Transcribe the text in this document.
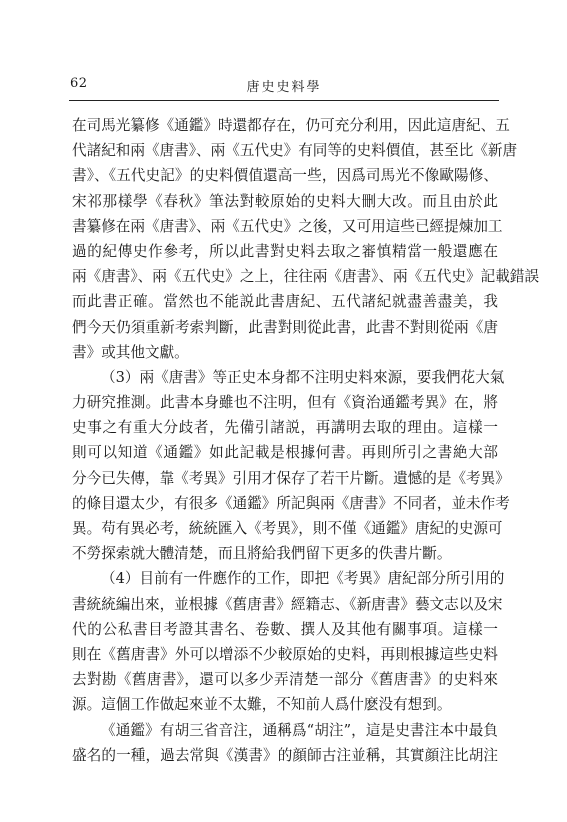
62	唐史史料學
在司馬光纂修《通鑑》時還都存在，仍可充分利用，因此這唐紀、五
代諸紀和兩《唐書》、兩《五代史》有同等的史料價值，甚至比《新唐
書》、《五代史記》的史料價值還高一些，因爲司馬光不像歐陽修、
宋祁那樣學《春秋》筆法對較原始的史料大刪大改。而且由於此
書纂修在兩《唐書》、兩《五代史》之後，又可用這些已經提煉加工
過的紀傳史作參考，所以此書對史料去取之審慎精當一般還應在
兩《唐書》、兩《五代史》之上，往往兩《唐書》、兩《五代史》記載錯誤
而此書正確。當然也不能説此書唐紀、五代諸紀就盡善盡美，我
們今天仍須重新考索判斷，此書對則從此書，此書不對則從兩《唐
書》或其他文獻。
（3）兩《唐書》等正史本身都不注明史料來源，要我們花大氣
力研究推測。此書本身雖也不注明，但有《資治通鑑考異》在，將
史事之有重大分歧者，先備引諸説，再講明去取的理由。這樣一
則可以知道《通鑑》如此記載是根據何書。再則所引之書絶大部
分今已失傳，靠《考異》引用才保存了若干片斷。遺憾的是《考異》
的條目還太少，有很多《通鑑》所記與兩《唐書》不同者，並未作考
異。苟有異必考，統統匯入《考異》，則不僅《通鑑》唐紀的史源可
不勞探索就大體清楚，而且將給我們留下更多的佚書片斷。
（4）目前有一件應作的工作，即把《考異》唐紀部分所引用的
書統統編出來，並根據《舊唐書》經籍志、《新唐書》藝文志以及宋
代的公私書目考證其書名、卷數、撰人及其他有關事項。這樣一
則在《舊唐書》外可以增添不少較原始的史料，再則根據這些史料
去對勘《舊唐書》，還可以多少弄清楚一部分《舊唐書》的史料來
源。這個工作做起來並不太難，不知前人爲什麽没有想到。
《通鑑》有胡三省音注，通稱爲“胡注”，這是史書注本中最負
盛名的一種，過去常與《漢書》的顔師古注並稱，其實顔注比胡注
